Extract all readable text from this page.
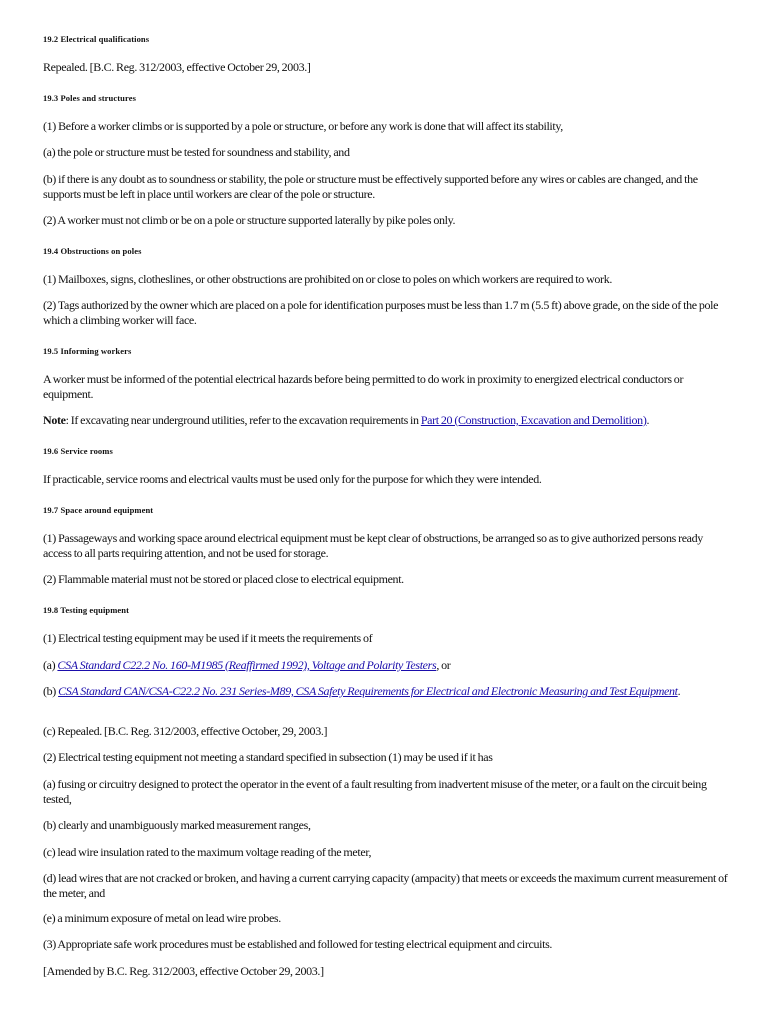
19.2 Electrical qualifications

Repealed. [B.C. Reg. 312/2003, effective October 29, 2003.]

19.3 Poles and structures

(1) Before a worker climbs or is supported by a pole or structure, or before any work is done that will affect its stability,

(a) the pole or structure must be tested for soundness and stability, and

(b) if there is any doubt as to soundness or stability, the pole or structure must be effectively supported before any wires or cables are changed, and the supports must be left in place until workers are clear of the pole or structure.

(2) A worker must not climb or be on a pole or structure supported laterally by pike poles only.

19.4 Obstructions on poles

(1) Mailboxes, signs, clotheslines, or other obstructions are prohibited on or close to poles on which workers are required to work.

(2) Tags authorized by the owner which are placed on a pole for identification purposes must be less than 1.7 m (5.5 ft) above grade, on the side of the pole which a climbing worker will face.

19.5 Informing workers

A worker must be informed of the potential electrical hazards before being permitted to do work in proximity to energized electrical conductors or equipment.

Note: If excavating near underground utilities, refer to the excavation requirements in Part 20 (Construction, Excavation and Demolition).

19.6 Service rooms

If practicable, service rooms and electrical vaults must be used only for the purpose for which they were intended.

19.7 Space around equipment

(1) Passageways and working space around electrical equipment must be kept clear of obstructions, be arranged so as to give authorized persons ready access to all parts requiring attention, and not be used for storage.

(2) Flammable material must not be stored or placed close to electrical equipment.

19.8 Testing equipment

(1) Electrical testing equipment may be used if it meets the requirements of

(a) CSA Standard C22.2 No. 160-M1985 (Reaffirmed 1992), Voltage and Polarity Testers, or

(b) CSA Standard CAN/CSA-C22.2 No. 231 Series-M89, CSA Safety Requirements for Electrical and Electronic Measuring and Test Equipment.

(c) Repealed. [B.C. Reg. 312/2003, effective October, 29, 2003.]

(2) Electrical testing equipment not meeting a standard specified in subsection (1) may be used if it has

(a) fusing or circuitry designed to protect the operator in the event of a fault resulting from inadvertent misuse of the meter, or a fault on the circuit being tested,

(b) clearly and unambiguously marked measurement ranges,

(c) lead wire insulation rated to the maximum voltage reading of the meter,

(d) lead wires that are not cracked or broken, and having a current carrying capacity (ampacity) that meets or exceeds the maximum current measurement of the meter, and

(e) a minimum exposure of metal on lead wire probes.

(3) Appropriate safe work procedures must be established and followed for testing electrical equipment and circuits.

[Amended by B.C. Reg. 312/2003, effective October 29, 2003.]
